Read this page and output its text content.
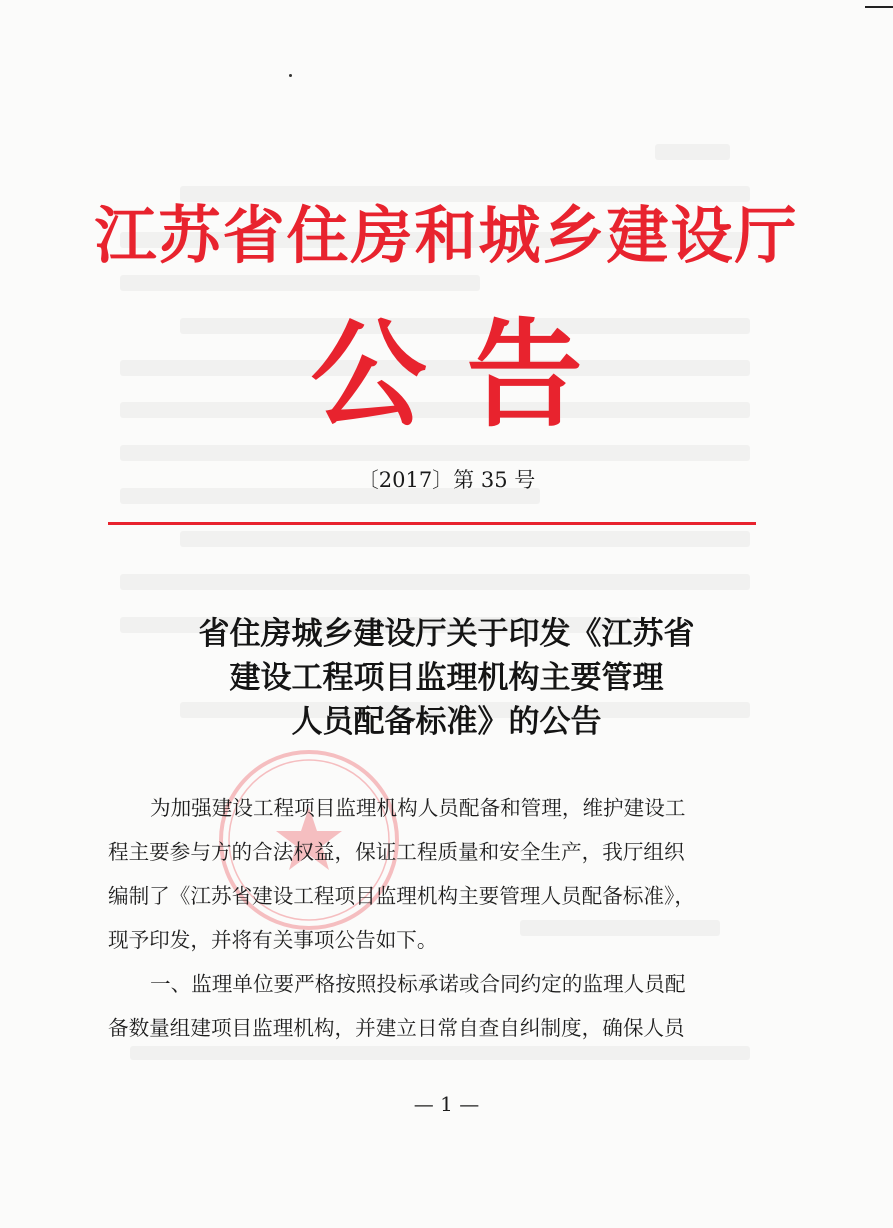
江苏省住房和城乡建设厅
公告
〔2017〕第 35 号
省住房城乡建设厅关于印发《江苏省
建设工程项目监理机构主要管理
人员配备标准》的公告
为加强建设工程项目监理机构人员配备和管理，维护建设工
程主要参与方的合法权益，保证工程质量和安全生产，我厅组织
编制了《江苏省建设工程项目监理机构主要管理人员配备标准》，
现予印发，并将有关事项公告如下。
一、监理单位要严格按照投标承诺或合同约定的监理人员配
备数量组建项目监理机构，并建立日常自查自纠制度，确保人员
— 1 —
